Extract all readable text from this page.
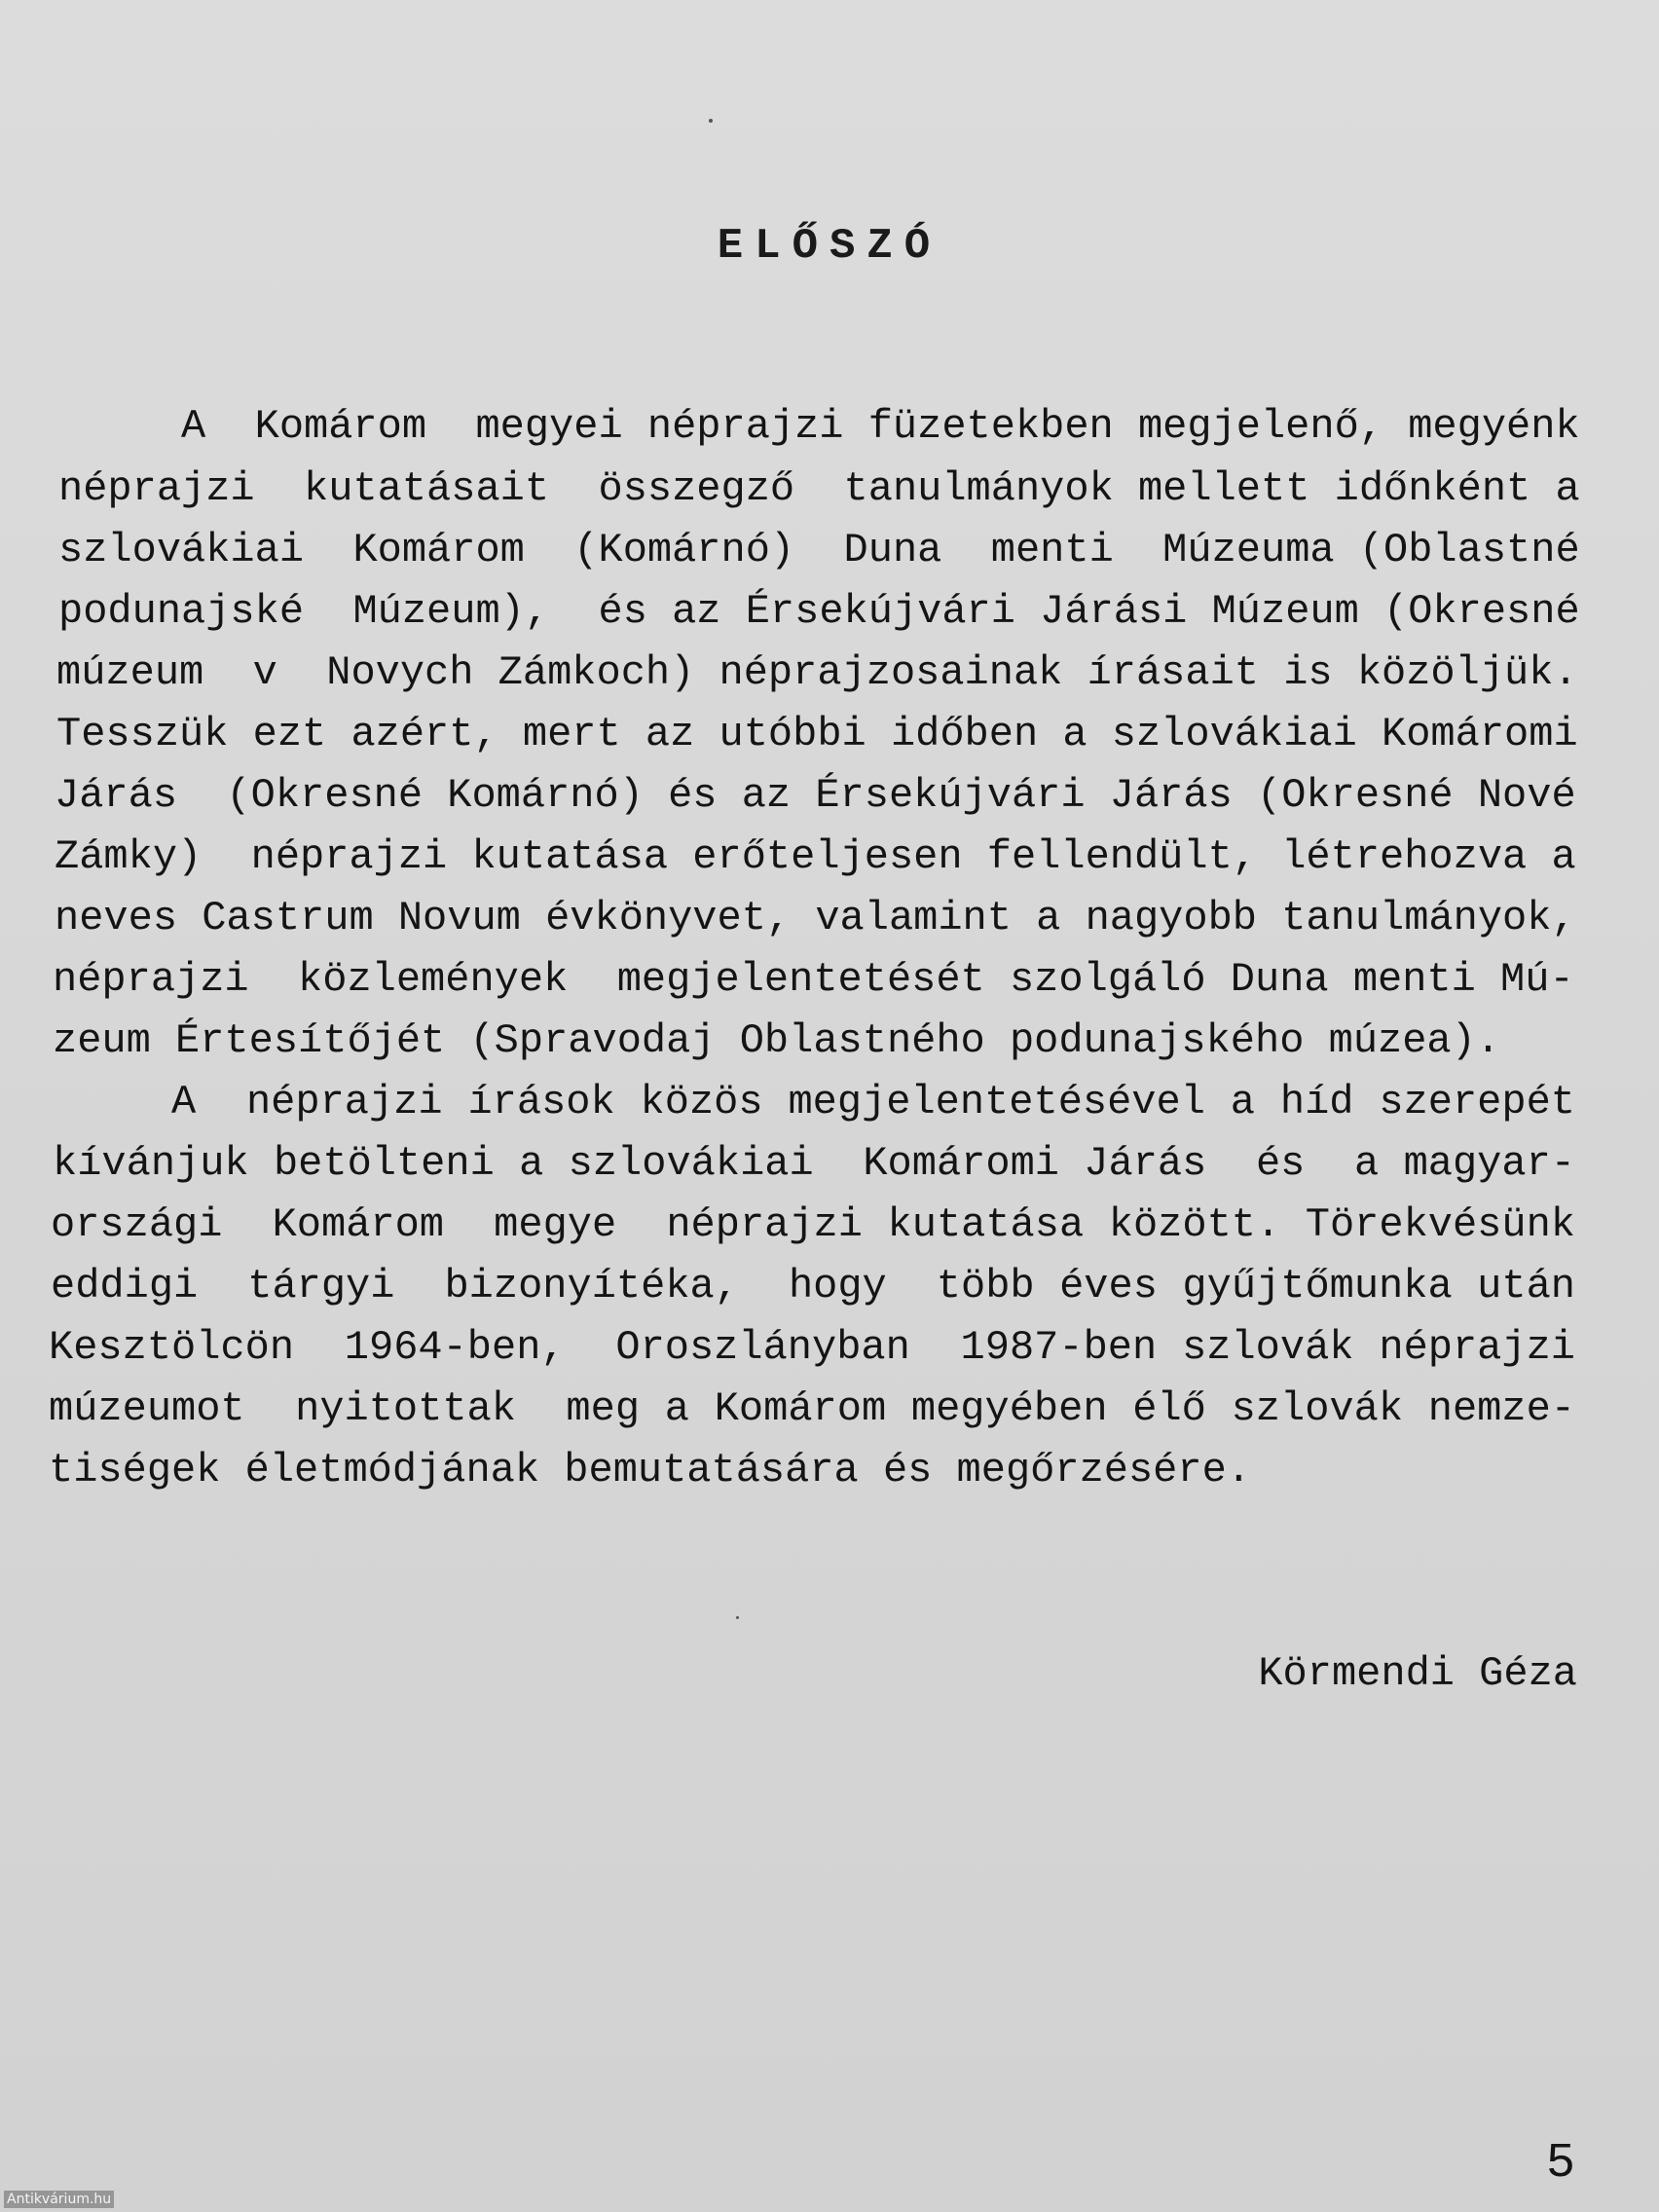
ELŐSZÓ

A  Komárom  megyei néprajzi füzetekben megjelenő, megyénk

néprajzi  kutatásait  összegző  tanulmányok mellett időnként a

szlovákiai  Komárom  (Komárnó)  Duna  menti  Múzeuma (Oblastné

podunajské  Múzeum),  és az Érsekújvári Járási Múzeum (Okresné

múzeum  v  Novych Zámkoch) néprajzosainak írásait is közöljük.

Tesszük ezt azért, mert az utóbbi időben a szlovákiai Komáromi

Járás  (Okresné Komárnó) és az Érsekújvári Járás (Okresné Nové

Zámky)  néprajzi kutatása erőteljesen fellendült, létrehozva a

neves Castrum Novum évkönyvet, valamint a nagyobb tanulmányok,

néprajzi  közlemények  megjelentetését szolgáló Duna menti Mú-

zeum Értesítőjét (Spravodaj Oblastného podunajského múzea).

A  néprajzi írások közös megjelentetésével a híd szerepét

kívánjuk betölteni a szlovákiai  Komáromi Járás  és  a magyar-

országi  Komárom  megye  néprajzi kutatása között. Törekvésünk

eddigi  tárgyi  bizonyítéka,  hogy  több éves gyűjtőmunka után

Kesztölcön  1964-ben,  Oroszlányban  1987-ben szlovák néprajzi

múzeumot  nyitottak  meg a Komárom megyében élő szlovák nemze-

tiségek életmódjának bemutatására és megőrzésére.

Körmendi Géza

5

Antikvárium.hu
